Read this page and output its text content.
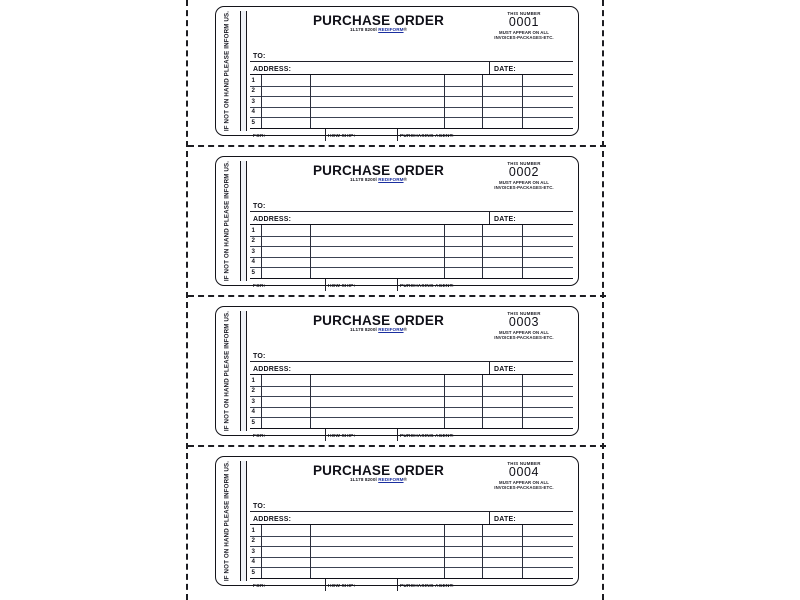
IF NOT ON HAND PLEASE INFORM US.	PURCHASE ORDER
1L178 8200l REDIFORM®
THIS NUMBER
0001
MUST APPEAR ON ALL
INVOICES-PACKAGES-ETC.
TO:
ADDRESS:	DATE:
1
2
3
4
5
FOR:	HOW SHIP:	PURCHASING AGENT:
IF NOT ON HAND PLEASE INFORM US.	PURCHASE ORDER
1L178 8200l REDIFORM®
THIS NUMBER
0002
MUST APPEAR ON ALL
INVOICES-PACKAGES-ETC.
TO:
ADDRESS:	DATE:
1
2
3
4
5
FOR:	HOW SHIP:	PURCHASING AGENT:
IF NOT ON HAND PLEASE INFORM US.	PURCHASE ORDER
1L178 8200l REDIFORM®
THIS NUMBER
0003
MUST APPEAR ON ALL
INVOICES-PACKAGES-ETC.
TO:
ADDRESS:	DATE:
1
2
3
4
5
FOR:	HOW SHIP:	PURCHASING AGENT:
IF NOT ON HAND PLEASE INFORM US.	PURCHASE ORDER
1L178 8200l REDIFORM®
THIS NUMBER
0004
MUST APPEAR ON ALL
INVOICES-PACKAGES-ETC.
TO:
ADDRESS:	DATE:
1
2
3
4
5
FOR:	HOW SHIP:	PURCHASING AGENT:
